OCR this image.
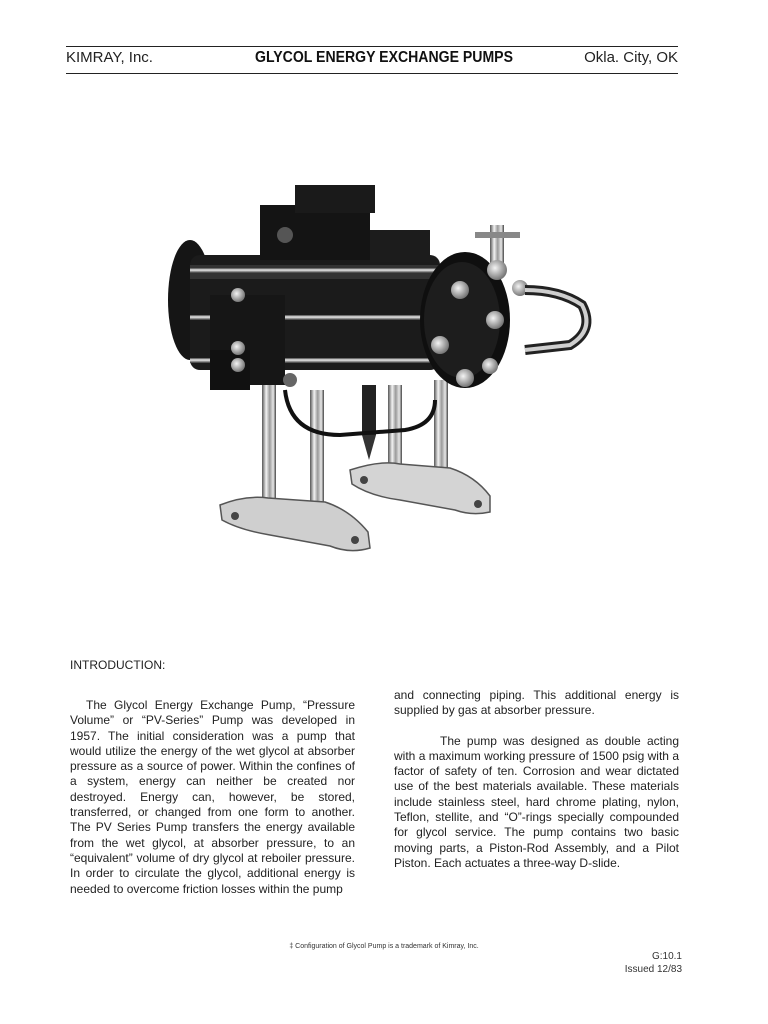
KIMRAY, Inc.	GLYCOL ENERGY EXCHANGE PUMPS	Okla. City, OK
INTRODUCTION:

The Glycol Energy Exchange Pump, “Pressure Volume” or “PV-Series” Pump was developed in 1957. The initial consideration was a pump that would utilize the energy of the wet glycol at absorber pressure as a source of power. Within the confines of a system, energy can neither be created nor destroyed. Energy can, however, be stored, transferred, or changed from one form to another. The PV Series Pump transfers the energy available from the wet glycol, at absorber pressure, to an “equivalent” volume of dry glycol at reboiler pressure. In order to circulate the glycol, additional energy is needed to overcome friction losses within the pump

and connecting piping. This additional energy is supplied by gas at absorber pressure.

The pump was designed as double acting with a maximum working pressure of 1500 psig with a factor of safety of ten. Corrosion and wear dictated use of the best materials available. These materials include stainless steel, hard chrome plating, nylon, Teflon, stellite, and “O”-rings specially compounded for glycol service. The pump contains two basic moving parts, a Piston-Rod Assembly, and a Pilot Piston. Each actuates a three-way D-slide.

‡ Configuration of Glycol Pump is a trademark of Kimray, Inc.
G:10.1
Issued 12/83
